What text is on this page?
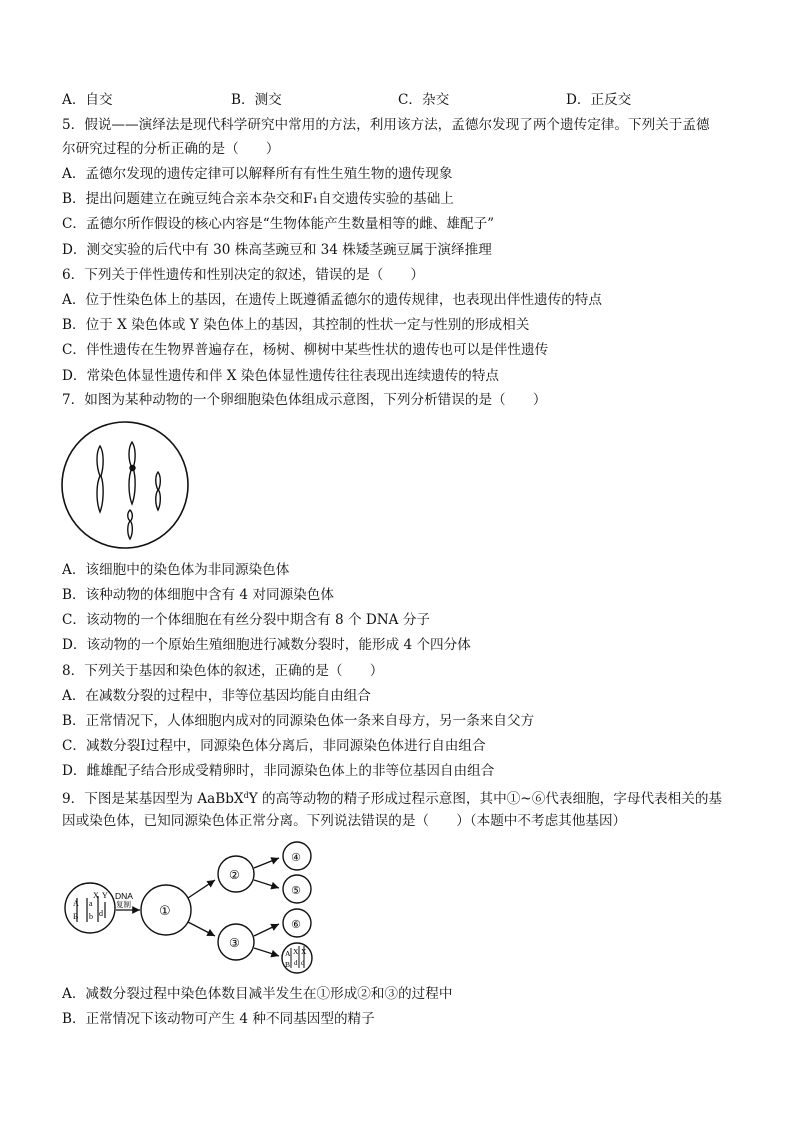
A．自交	B．测交	C．杂交	D．正反交
5．假说——演绎法是现代科学研究中常用的方法，利用该方法，孟德尔发现了两个遗传定律。下列关于孟德
尔研究过程的分析正确的是（　　）
A．孟德尔发现的遗传定律可以解释所有有性生殖生物的遗传现象
B．提出问题建立在豌豆纯合亲本杂交和F₁自交遗传实验的基础上
C．孟德尔所作假设的核心内容是“生物体能产生数量相等的雌、雄配子”
D．测交实验的后代中有 30 株高茎豌豆和 34 株矮茎豌豆属于演绎推理
6．下列关于伴性遗传和性别决定的叙述，错误的是（　　）
A．位于性染色体上的基因，在遗传上既遵循孟德尔的遗传规律，也表现出伴性遗传的特点
B．位于 X 染色体或 Y 染色体上的基因，其控制的性状一定与性别的形成相关
C．伴性遗传在生物界普遍存在，杨树、柳树中某些性状的遗传也可以是伴性遗传
D．常染色体显性遗传和伴 X 染色体显性遗传往往表现出连续遗传的特点
7．如图为某种动物的一个卵细胞染色体组成示意图，下列分析错误的是（　　）
A．该细胞中的染色体为非同源染色体
B．该种动物的体细胞中含有 4 对同源染色体
C．该动物的一个体细胞在有丝分裂中期含有 8 个 DNA 分子
D．该动物的一个原始生殖细胞进行减数分裂时，能形成 4 个四分体
8．下列关于基因和染色体的叙述，正确的是（　　）
A．在减数分裂的过程中，非等位基因均能自由组合
B．正常情况下，人体细胞内成对的同源染色体一条来自母方，另一条来自父方
C．减数分裂Ⅰ过程中，同源染色体分离后，非同源染色体进行自由组合
D．雌雄配子结合形成受精卵时，非同源染色体上的非等位基因自由组合
9．下图是某基因型为 AaBbX$^d$Y 的高等动物的精子形成过程示意图，其中①~⑥代表细胞，字母代表相关的基
因或染色体，已知同源染色体正常分离。下列说法错误的是（　　）（本题中不考虑其他基因）
A
B
a
b
X Y
d
DNA
复制 ①
②
③
④
⑤
⑥
A X X
B d d
A．减数分裂过程中染色体数目减半发生在①形成②和③的过程中
B．正常情况下该动物可产生 4 种不同基因型的精子
